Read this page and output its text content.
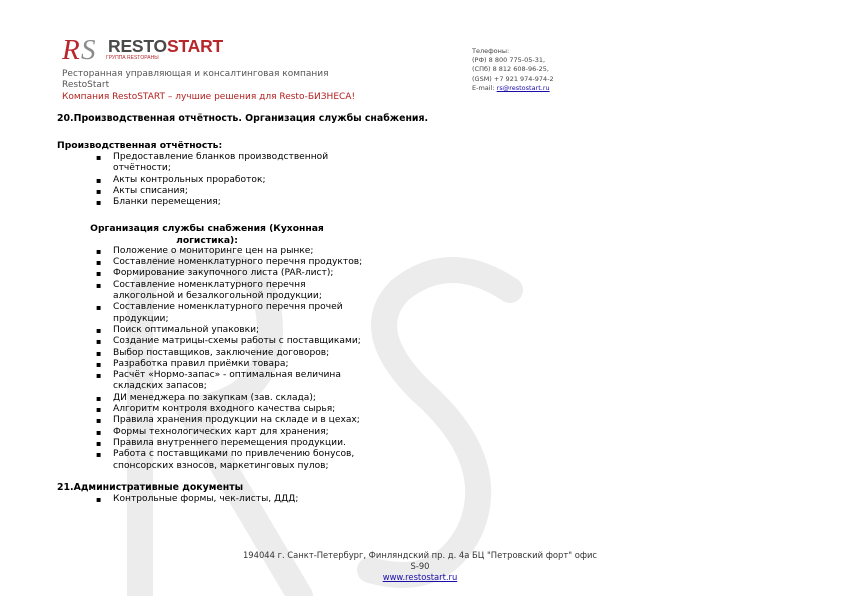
R S RESTOSTART
ГРУППА RESTОРАНЫ
Ресторанная управляющая и консалтинговая компания
RestoStart
Компания RestoSTART – лучшие решения для Resto-БИЗНЕСА!
Телефоны:
(РФ) 8 800 775-05-31,
(СПб) 8 812 608-96-25,
(GSM) +7 921 974-974-2
E-mail: rs@restostart.ru
20.Производственная отчётность. Организация службы снабжения.
Производственная отчётность:
▪ Предоставление бланков производственной отчётности;
▪ Акты контрольных проработок;
▪ Акты списания;
▪ Бланки перемещения;
Организация службы снабжения (Кухонная
логистика):
▪ Положение о мониторинге цен на рынке;
▪ Составление номенклатурного перечня продуктов;
▪ Формирование закупочного листа (PAR-лист);
▪ Составление номенклатурного перечня алкогольной и безалкогольной продукции;
▪ Составление номенклатурного перечня прочей продукции;
▪ Поиск оптимальной упаковки;
▪ Создание матрицы-схемы работы с поставщиками;
▪ Выбор поставщиков, заключение договоров;
▪ Разработка правил приёмки товара;
▪ Расчёт «Нормо-запас» - оптимальная величина складских запасов;
▪ ДИ менеджера по закупкам (зав. склада);
▪ Алгоритм контроля входного качества сырья;
▪ Правила хранения продукции на складе и в цехах;
▪ Формы технологических карт для хранения;
▪ Правила внутреннего перемещения продукции.
▪ Работа с поставщиками по привлечению бонусов, спонсорских взносов, маркетинговых пулов;
21.Административные документы
▪ Контрольные формы, чек-листы, ДДД;
194044 г. Санкт-Петербург, Финляндский пр. д. 4а БЦ "Петровский форт" офис
S-90
www.restostart.ru
